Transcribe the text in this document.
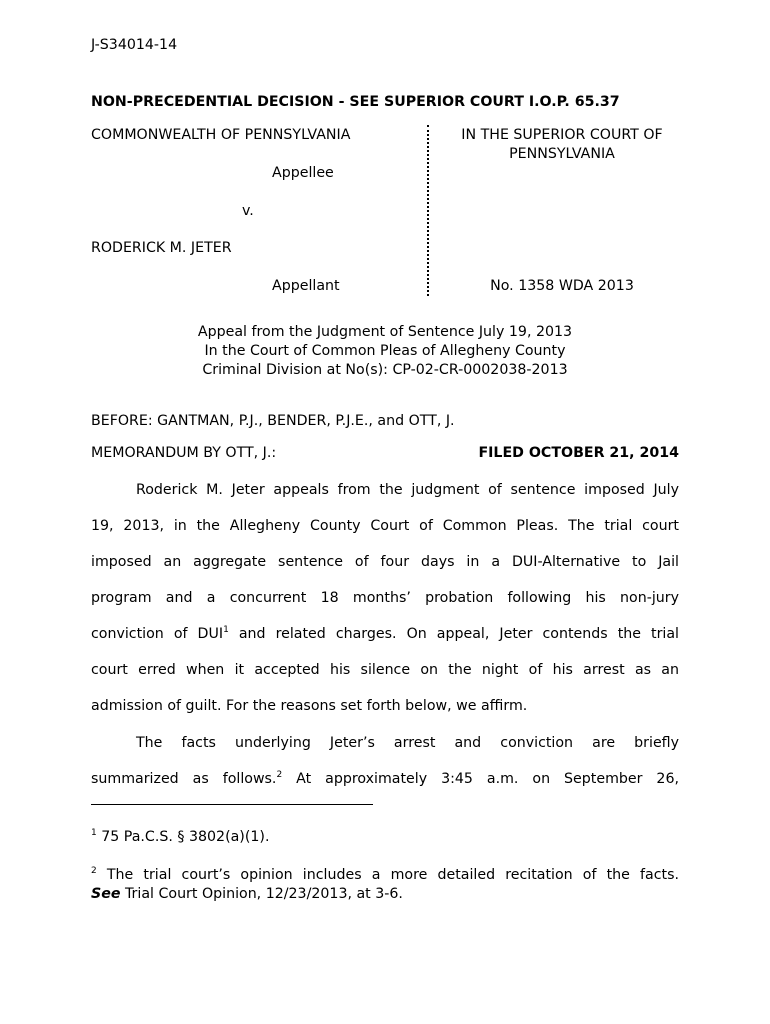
J-S34014-14
NON-PRECEDENTIAL DECISION - SEE SUPERIOR COURT I.O.P. 65.37
COMMONWEALTH OF PENNSYLVANIA
Appellee
v.
RODERICK M. JETER
Appellant
IN THE SUPERIOR COURT OF
PENNSYLVANIA
No. 1358 WDA 2013
Appeal from the Judgment of Sentence July 19, 2013
In the Court of Common Pleas of Allegheny County
Criminal Division at No(s): CP-02-CR-0002038-2013
BEFORE: GANTMAN, P.J., BENDER, P.J.E., and OTT, J.
MEMORANDUM BY OTT, J.:	FILED OCTOBER 21, 2014
Roderick M. Jeter appeals from the judgment of sentence imposed July
19, 2013, in the Allegheny County Court of Common Pleas. The trial court
imposed an aggregate sentence of four days in a DUI-Alternative to Jail
program and a concurrent 18 months’ probation following his non-jury
conviction of DUI$^1$ and related charges. On appeal, Jeter contends the trial
court erred when it accepted his silence on the night of his arrest as an
admission of guilt. For the reasons set forth below, we affirm.
The facts underlying Jeter’s arrest and conviction are briefly
summarized as follows.$^2$ At approximately 3:45 a.m. on September 26,
$^1$ 75 Pa.C.S. § 3802(a)(1).
$^2$ The trial court’s opinion includes a more detailed recitation of the facts.
See Trial Court Opinion, 12/23/2013, at 3-6.
